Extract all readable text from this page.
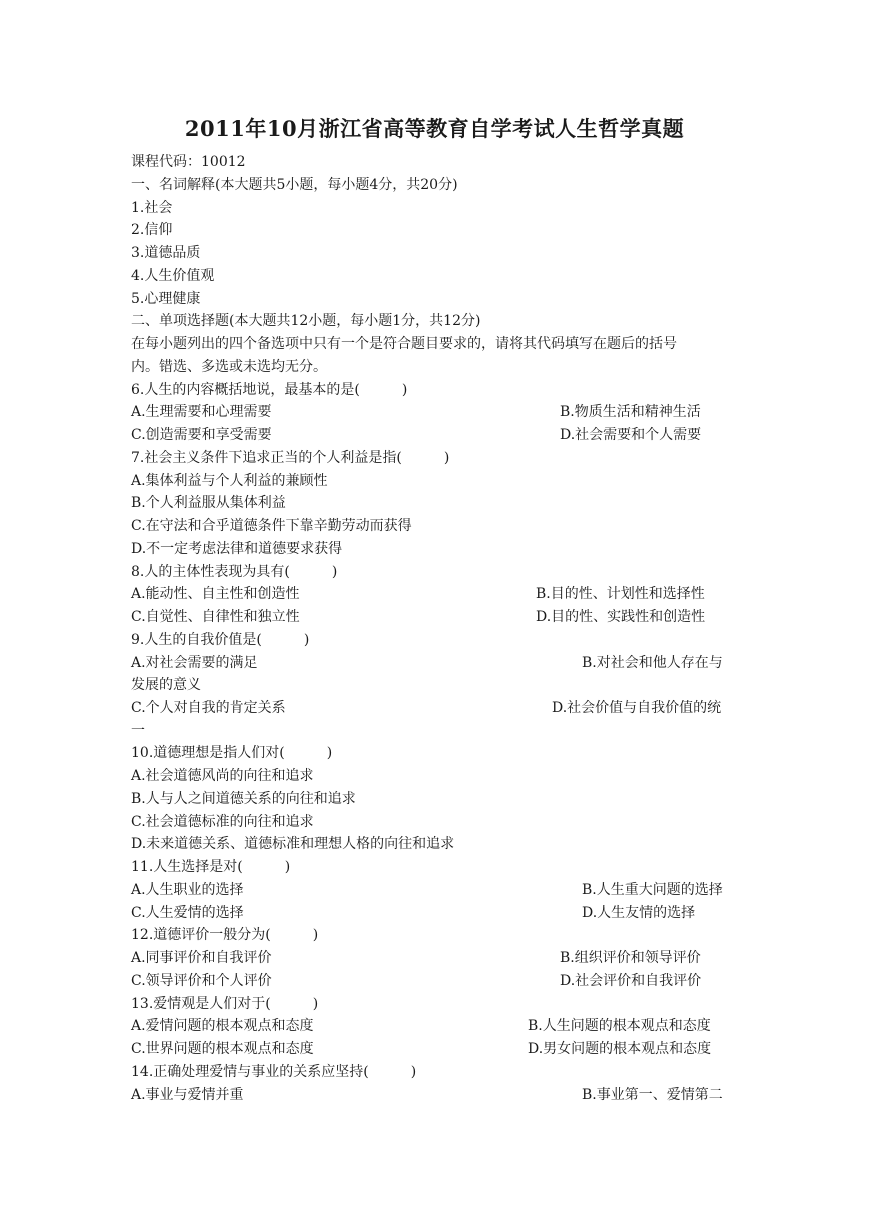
2011年10月浙江省高等教育自学考试人生哲学真题
课程代码：10012
一、名词解释(本大题共5小题，每小题4分，共20分)
1.社会
2.信仰
3.道德品质
4.人生价值观
5.心理健康
二、单项选择题(本大题共12小题，每小题1分，共12分)
在每小题列出的四个备选项中只有一个是符合题目要求的，请将其代码填写在题后的括号
内。错选、多选或未选均无分。
6.人生的内容概括地说，最基本的是(　　　)
A.生理需要和心理需要	B.物质生活和精神生活
C.创造需要和享受需要	D.社会需要和个人需要
7.社会主义条件下追求正当的个人利益是指(　　　)
A.集体利益与个人利益的兼顾性
B.个人利益服从集体利益
C.在守法和合乎道德条件下靠辛勤劳动而获得
D.不一定考虑法律和道德要求获得
8.人的主体性表现为具有(　　　)
A.能动性、自主性和创造性	B.目的性、计划性和选择性
C.自觉性、自律性和独立性	D.目的性、实践性和创造性
9.人生的自我价值是(　　　)
A.对社会需要的满足	B.对社会和他人存在与
发展的意义
C.个人对自我的肯定关系	D.社会价值与自我价值的统
一
10.道德理想是指人们对(　　　)
A.社会道德风尚的向往和追求
B.人与人之间道德关系的向往和追求
C.社会道德标准的向往和追求
D.未来道德关系、道德标准和理想人格的向往和追求
11.人生选择是对(　　　)
A.人生职业的选择	B.人生重大问题的选择
C.人生爱情的选择	D.人生友情的选择
12.道德评价一般分为(　　　)
A.同事评价和自我评价	B.组织评价和领导评价
C.领导评价和个人评价	D.社会评价和自我评价
13.爱情观是人们对于(　　　)
A.爱情问题的根本观点和态度	B.人生问题的根本观点和态度
C.世界问题的根本观点和态度	D.男女问题的根本观点和态度
14.正确处理爱情与事业的关系应坚持(　　　)
A.事业与爱情并重	B.事业第一、爱情第二
